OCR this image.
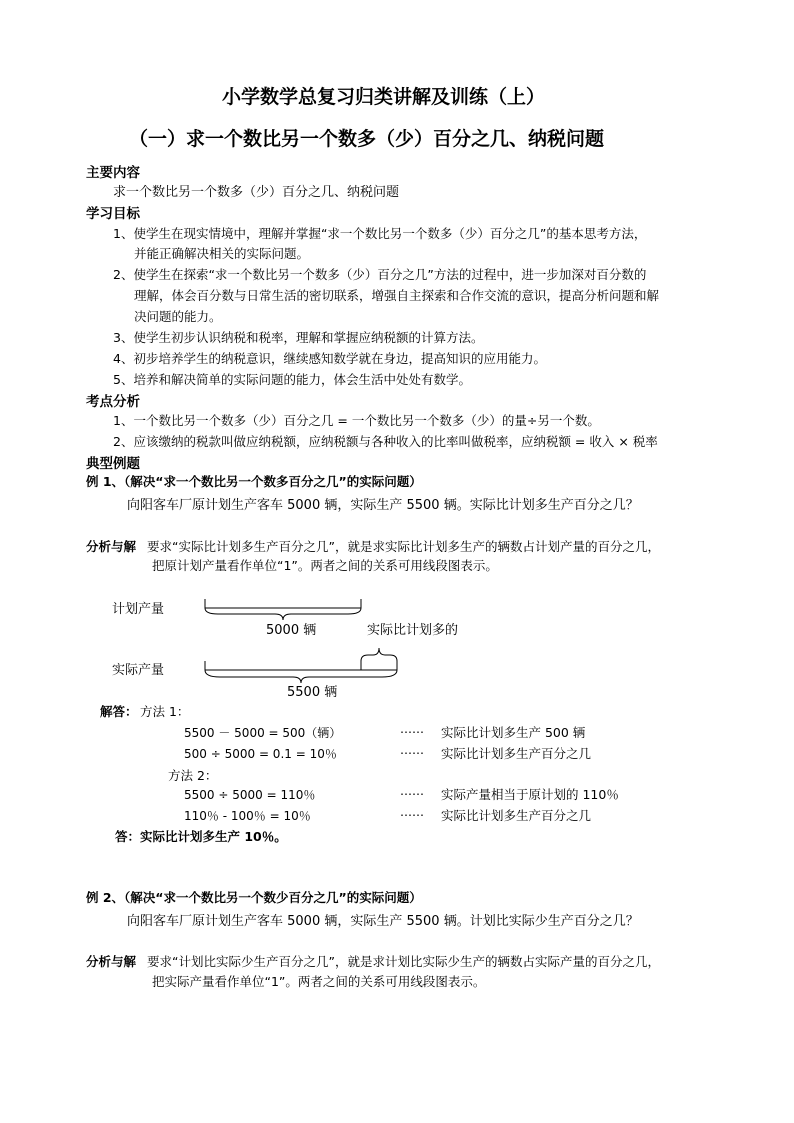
小学数学总复习归类讲解及训练（上）
（一）求一个数比另一个数多（少）百分之几、纳税问题
主要内容
求一个数比另一个数多（少）百分之几、纳税问题
学习目标
1、使学生在现实情境中，理解并掌握“求一个数比另一个数多（少）百分之几”的基本思考方法，
并能正确解决相关的实际问题。
2、使学生在探索“求一个数比另一个数多（少）百分之几”方法的过程中，进一步加深对百分数的
理解，体会百分数与日常生活的密切联系，增强自主探索和合作交流的意识，提高分析问题和解
决问题的能力。
3、使学生初步认识纳税和税率，理解和掌握应纳税额的计算方法。
4、初步培养学生的纳税意识，继续感知数学就在身边，提高知识的应用能力。
5、培养和解决简单的实际问题的能力，体会生活中处处有数学。
考点分析
1、一个数比另一个数多（少）百分之几 = 一个数比另一个数多（少）的量÷另一个数。
2、应该缴纳的税款叫做应纳税额，应纳税额与各种收入的比率叫做税率，应纳税额 = 收入 × 税率
典型例题
例 1、（解决“求一个数比另一个数多百分之几”的实际问题）
向阳客车厂原计划生产客车 5000 辆，实际生产 5500 辆。实际比计划多生产百分之几？
分析与解 要求“实际比计划多生产百分之几”，就是求实际比计划多生产的辆数占计划产量的百分之几，
把原计划产量看作单位“1”。两者之间的关系可用线段图表示。
计划产量
5000 辆	实际比计划多的
实际产量
5500 辆
解答： 方法 1：
5500 － 5000 = 500（辆）	…… 实际比计划多生产 500 辆
500 ÷ 5000 = 0.1 = 10％	…… 实际比计划多生产百分之几
方法 2：
5500 ÷ 5000 = 110％	…… 实际产量相当于原计划的 110％
110％ - 100％ = 10％	…… 实际比计划多生产百分之几
答：实际比计划多生产 10％。
例 2、（解决“求一个数比另一个数少百分之几”的实际问题）
向阳客车厂原计划生产客车 5000 辆，实际生产 5500 辆。计划比实际少生产百分之几？
分析与解 要求“计划比实际少生产百分之几”，就是求计划比实际少生产的辆数占实际产量的百分之几，
把实际产量看作单位“1”。两者之间的关系可用线段图表示。
